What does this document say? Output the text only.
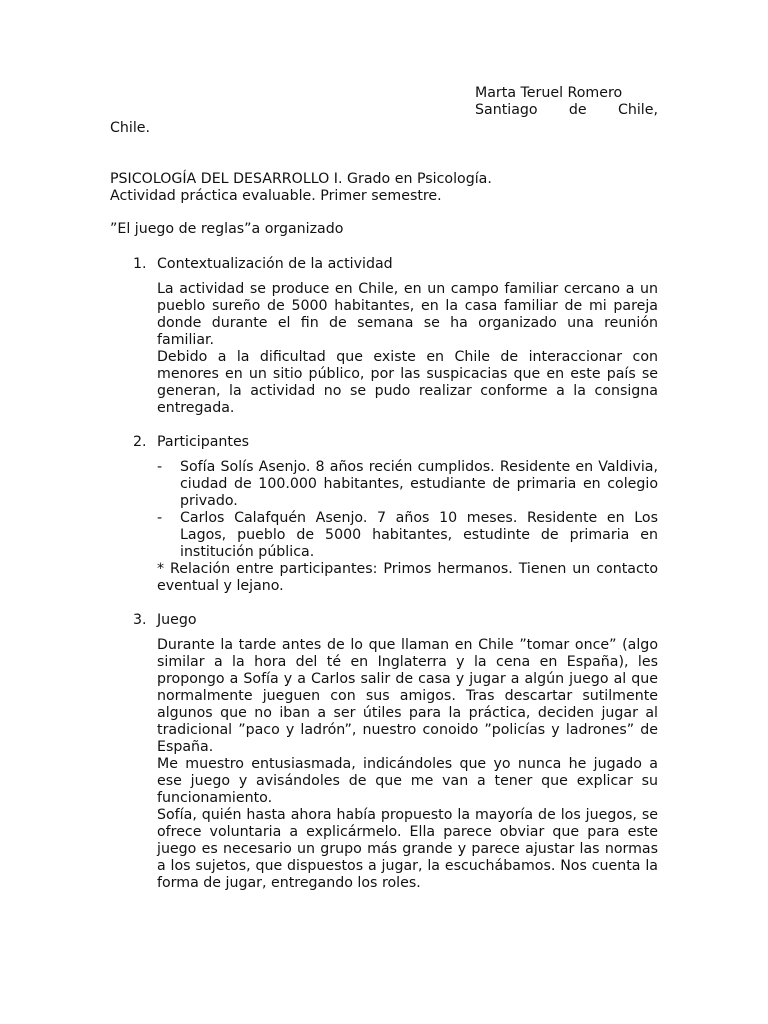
Marta Teruel Romero
Santiago de Chile,
Chile.
PSICOLOGÍA DEL DESARROLLO I. Grado en Psicología.
Actividad práctica evaluable. Primer semestre.
”El juego de reglas”a organizado
1. Contextualización de la actividad

La actividad se produce en Chile, en un campo familiar cercano a un pueblo sureño de 5000 habitantes, en la casa familiar de mi pareja donde durante el fin de semana se ha organizado una reunión familiar.

Debido a la dificultad que existe en Chile de interaccionar con menores en un sitio público, por las suspicacias que en este país se generan, la actividad no se pudo realizar conforme a la consigna entregada.

2. Participantes
-	Sofía Solís Asenjo. 8 años recién cumplidos. Residente en Valdivia, ciudad de 100.000 habitantes, estudiante de primaria en colegio privado.
-	Carlos Calafquén Asenjo. 7 años 10 meses. Residente en Los Lagos, pueblo de 5000 habitantes, estudinte de primaria en institución pública.
* Relación entre participantes: Primos hermanos. Tienen un contacto eventual y lejano.
3. Juego

Durante la tarde antes de lo que llaman en Chile ”tomar once” (algo similar a la hora del té en Inglaterra y la cena en España), les propongo a Sofía y a Carlos salir de casa y jugar a algún juego al que normalmente jueguen con sus amigos. Tras descartar sutilmente algunos que no iban a ser útiles para la práctica, deciden jugar al tradicional ”paco y ladrón”, nuestro conoido ”policías y ladrones” de España.

Me muestro entusiasmada, indicándoles que yo nunca he jugado a ese juego y avisándoles de que me van a tener que explicar su funcionamiento.

Sofía, quién hasta ahora había propuesto la mayoría de los juegos, se ofrece voluntaria a explicármelo. Ella parece obviar que para este juego es necesario un grupo más grande y parece ajustar las normas a los sujetos, que dispuestos a jugar, la escuchábamos. Nos cuenta la forma de jugar, entregando los roles.
